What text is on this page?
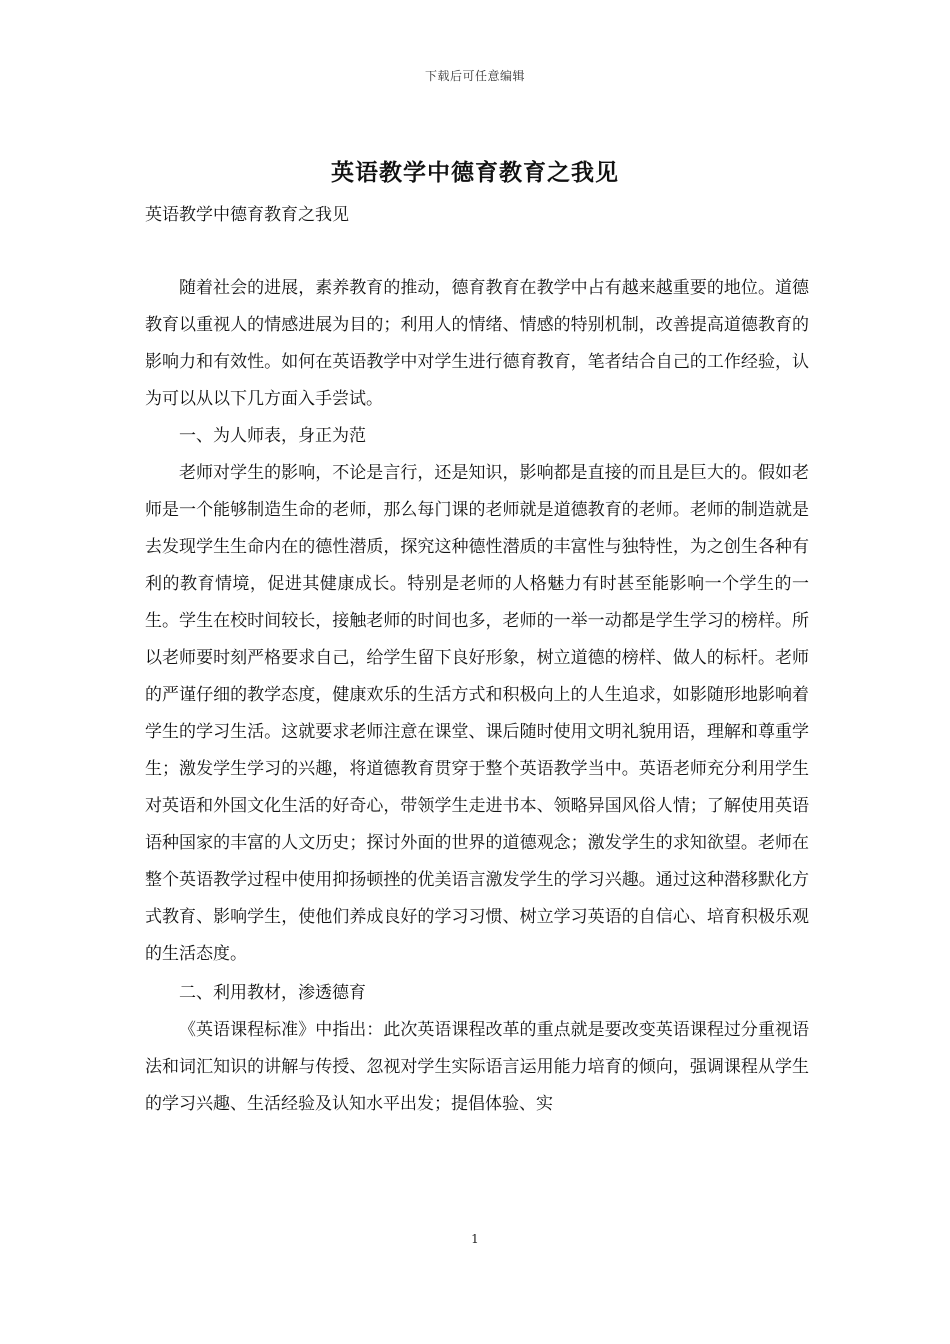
下载后可任意编辑
英语教学中德育教育之我见

英语教学中德育教育之我见

随着社会的进展，素养教育的推动，德育教育在教学中占有越来越重要的地位。道德教育以重视人的情感进展为目的；利用人的情绪、情感的特别机制，改善提高道德教育的影响力和有效性。如何在英语教学中对学生进行德育教育，笔者结合自己的工作经验，认为可以从以下几方面入手尝试。

一、为人师表，身正为范

老师对学生的影响，不论是言行，还是知识，影响都是直接的而且是巨大的。假如老师是一个能够制造生命的老师，那么每门课的老师就是道德教育的老师。老师的制造就是去发现学生生命内在的德性潜质，探究这种德性潜质的丰富性与独特性，为之创生各种有利的教育情境，促进其健康成长。特别是老师的人格魅力有时甚至能影响一个学生的一生。学生在校时间较长，接触老师的时间也多，老师的一举一动都是学生学习的榜样。所以老师要时刻严格要求自己，给学生留下良好形象，树立道德的榜样、做人的标杆。老师的严谨仔细的教学态度，健康欢乐的生活方式和积极向上的人生追求，如影随形地影响着学生的学习生活。这就要求老师注意在课堂、课后随时使用文明礼貌用语，理解和尊重学生；激发学生学习的兴趣，将道德教育贯穿于整个英语教学当中。英语老师充分利用学生对英语和外国文化生活的好奇心，带领学生走进书本、领略异国风俗人情；了解使用英语语种国家的丰富的人文历史；探讨外面的世界的道德观念；激发学生的求知欲望。老师在整个英语教学过程中使用抑扬顿挫的优美语言激发学生的学习兴趣。通过这种潜移默化方式教育、影响学生，使他们养成良好的学习习惯、树立学习英语的自信心、培育积极乐观的生活态度。

二、利用教材，渗透德育

《英语课程标准》中指出：此次英语课程改革的重点就是要改变英语课程过分重视语法和词汇知识的讲解与传授、忽视对学生实际语言运用能力培育的倾向，强调课程从学生的学习兴趣、生活经验及认知水平出发；提倡体验、实

1
